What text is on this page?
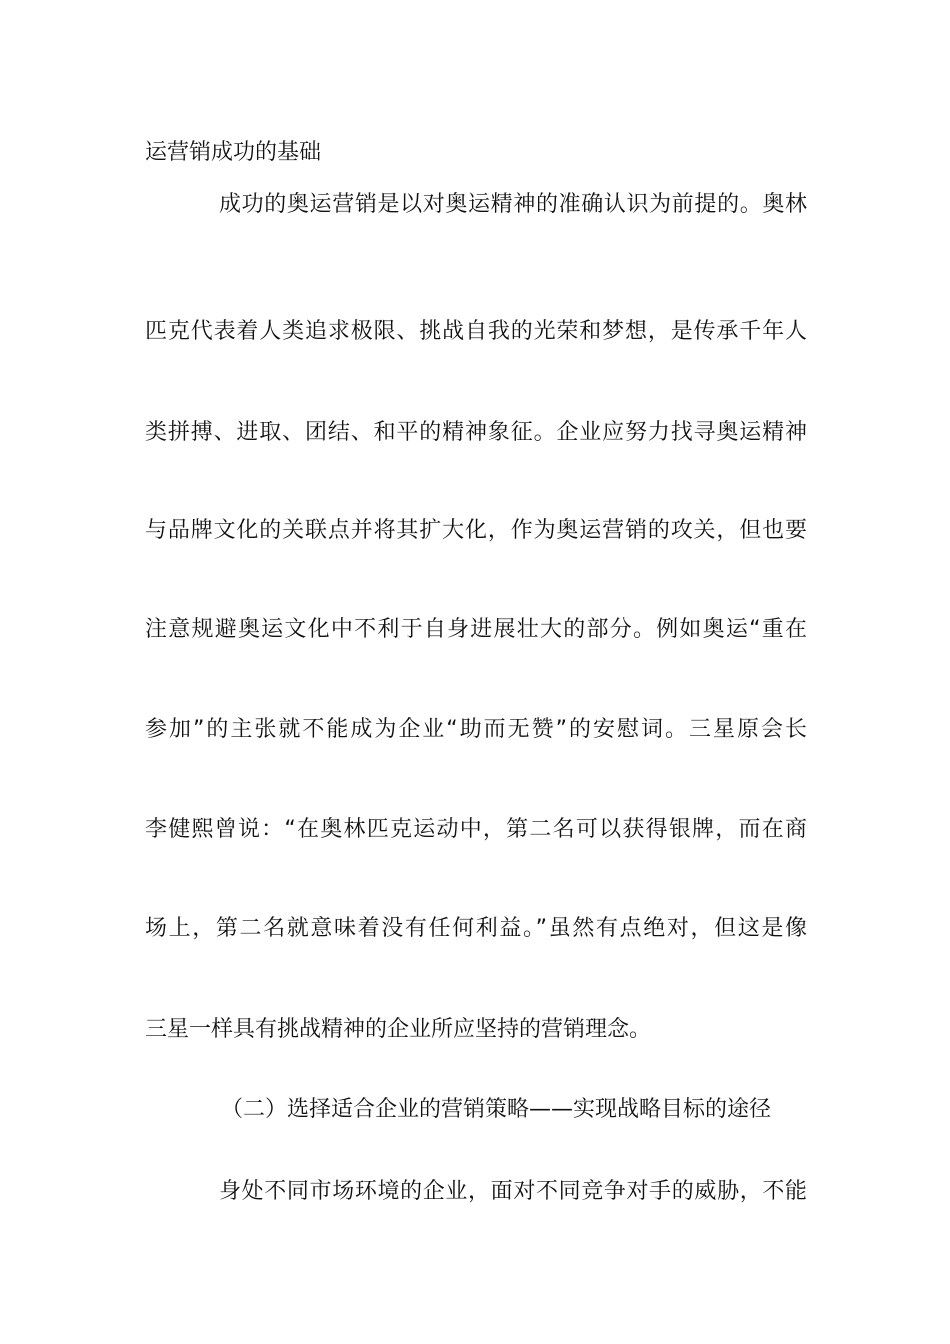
运营销成功的基础
成功的奥运营销是以对奥运精神的准确认识为前提的。奥林
匹克代表着人类追求极限、挑战自我的光荣和梦想，是传承千年人
类拼搏、进取、团结、和平的精神象征。企业应努力找寻奥运精神
与品牌文化的关联点并将其扩大化，作为奥运营销的攻关，但也要
注意规避奥运文化中不利于自身进展壮大的部分。例如奥运“重在
参加”的主张就不能成为企业“助而无赞”的安慰词。三星原会长
李健熙曾说：“在奥林匹克运动中，第二名可以获得银牌，而在商
场上，第二名就意味着没有任何利益。”虽然有点绝对，但这是像
三星一样具有挑战精神的企业所应坚持的营销理念。
（二）选择适合企业的营销策略——实现战略目标的途径
身处不同市场环境的企业，面对不同竞争对手的威胁，不能
